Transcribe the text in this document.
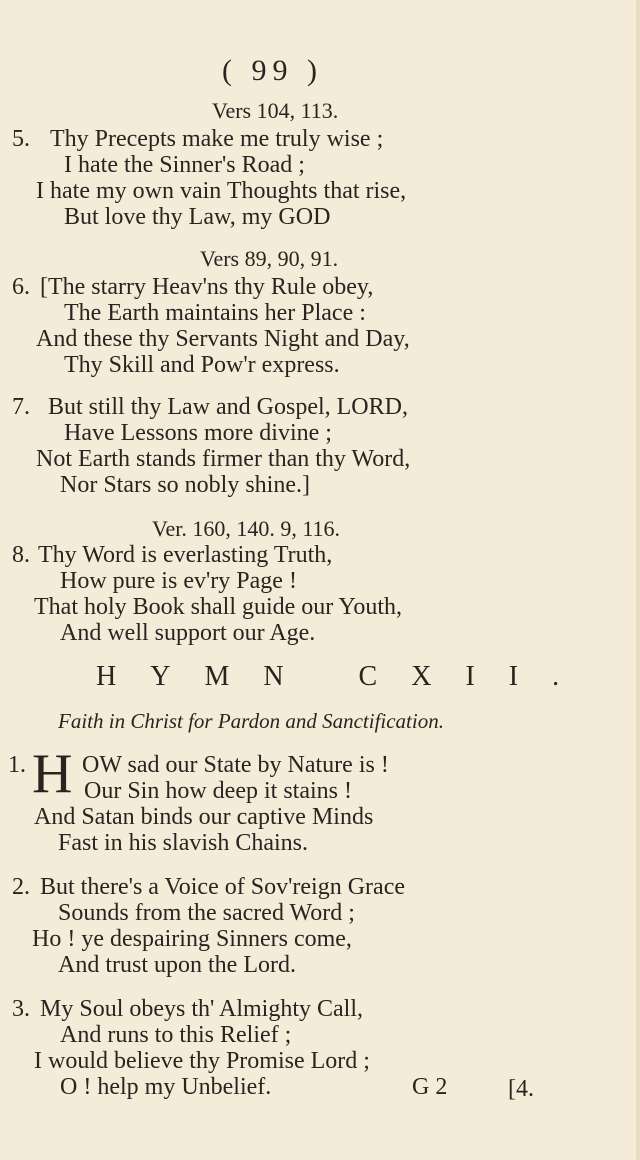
( 99 )
Vers 104, 113.
5. Thy Precepts make me truly wise ;
I hate the Sinner's Road ;
I hate my own vain Thoughts that rise,
But love thy Law, my GOD
Vers 89, 90, 91.
6. [The starry Heav'ns thy Rule obey,
The Earth maintains her Place :
And these thy Servants Night and Day,
Thy Skill and Pow'r express.
7. But still thy Law and Gospel, LORD,
Have Lessons more divine ;
Not Earth stands firmer than thy Word,
Nor Stars so nobly shine.]
Ver. 160, 140. 9, 116.
8. Thy Word is everlasting Truth,
How pure is ev'ry Page !
That holy Book shall guide our Youth,
And well support our Age.
HYMN CXII.
Faith in Christ for Pardon and Sanctification.
1. H OW sad our State by Nature is !
Our Sin how deep it stains !
And Satan binds our captive Minds
Fast in his slavish Chains.
2. But there's a Voice of Sov'reign Grace
Sounds from the sacred Word ;
Ho ! ye despairing Sinners come,
And trust upon the Lord.
3. My Soul obeys th' Almighty Call,
And runs to this Relief ;
I would believe thy Promise Lord ;
O ! help my Unbelief.	G 2	[4.
